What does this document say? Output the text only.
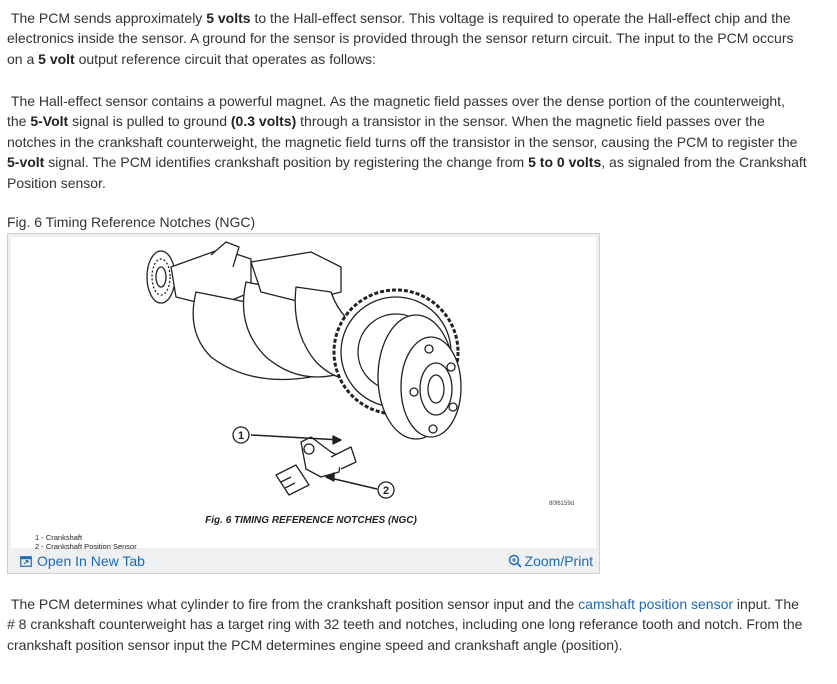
The PCM sends approximately 5 volts to the Hall-effect sensor. This voltage is required to operate the Hall-effect chip and the electronics inside the sensor. A ground for the sensor is provided through the sensor return circuit. The input to the PCM occurs on a 5 volt output reference circuit that operates as follows:

The Hall-effect sensor contains a powerful magnet. As the magnetic field passes over the dense portion of the counterweight, the 5-Volt signal is pulled to ground (0.3 volts) through a transistor in the sensor. When the magnetic field passes over the notches in the crankshaft counterweight, the magnetic field turns off the transistor in the sensor, causing the PCM to register the 5-volt signal. The PCM identifies crankshaft position by registering the change from 5 to 0 volts, as signaled from the Crankshaft Position sensor.

Fig. 6 Timing Reference Notches (NGC)
1
2
80f6159d
Fig. 6 TIMING REFERENCE NOTCHES (NGC)
1 - Crankshaft
2 - Crankshaft Position Sensor
Open In New Tab	Zoom/Print

The PCM determines what cylinder to fire from the crankshaft position sensor input and the camshaft position sensor input. The # 8 crankshaft counterweight has a target ring with 32 teeth and notches, including one long referance tooth and notch. From the crankshaft position sensor input the PCM determines engine speed and crankshaft angle (position).
